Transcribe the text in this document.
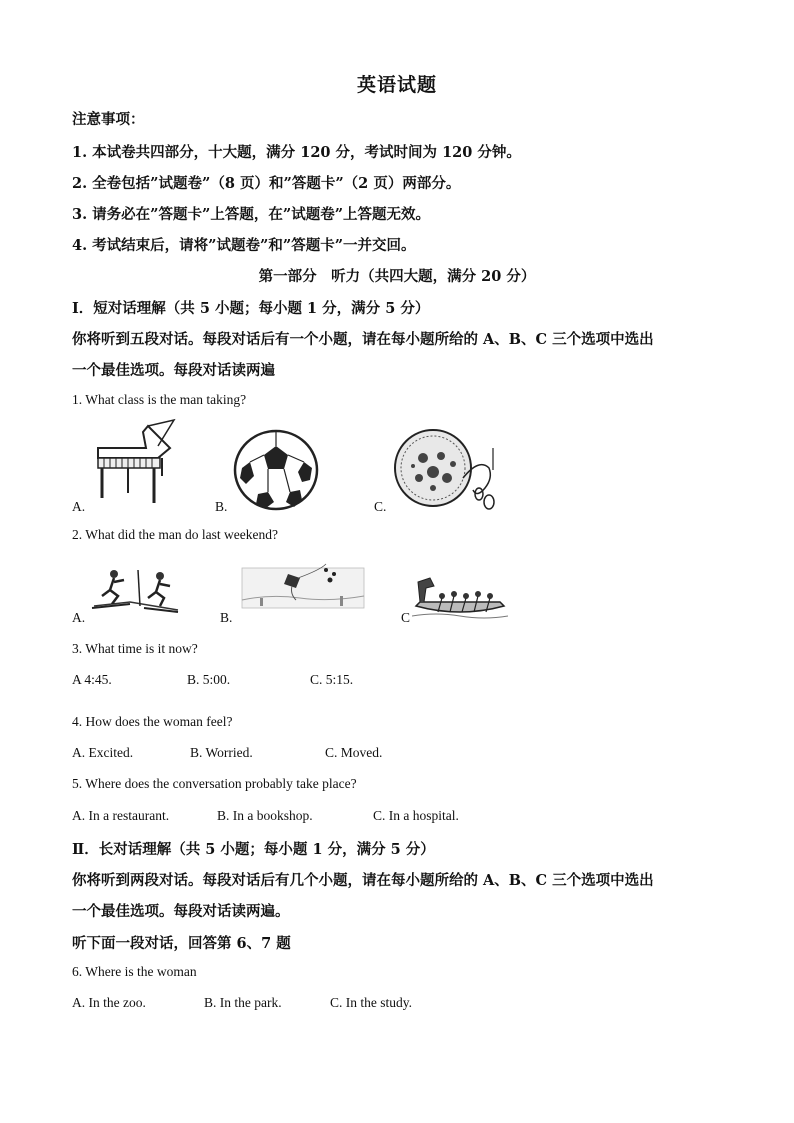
英语试题
注意事项：
1. 本试卷共四部分，十大题，满分 120 分，考试时间为 120 分钟。
2. 全卷包括”试题卷”（8 页）和”答题卡”（2 页）两部分。
3. 请务必在”答题卡”上答题，在”试题卷”上答题无效。
4. 考试结束后，请将”试题卷”和”答题卡”一并交回。
第一部分　听力（共四大题，满分 20 分）
Ⅰ．短对话理解（共 5 小题；每小题 1 分，满分 5 分）
你将听到五段对话。每段对话后有一个小题，请在每小题所给的 A、B、C 三个选项中选出
一个最佳选项。每段对话读两遍
1. What class is the man taking?
A.	B.	C.
2. What did the man do last weekend?
A.	B.	C
3. What time is it now?
A 4:45.	B. 5:00.	C. 5:15.
4. How does the woman feel?
A. Excited.	B. Worried.	C. Moved.
5. Where does the conversation probably take place?
A. In a restaurant.	B. In a bookshop.	C. In a hospital.
Ⅱ．长对话理解（共 5 小题；每小题 1 分，满分 5 分）
你将听到两段对话。每段对话后有几个小题，请在每小题所给的 A、B、C 三个选项中选出
一个最佳选项。每段对话读两遍。
听下面一段对话，回答第 6、7 题
6. Where is the woman
A. In the zoo.	B. In the park.	C. In the study.
